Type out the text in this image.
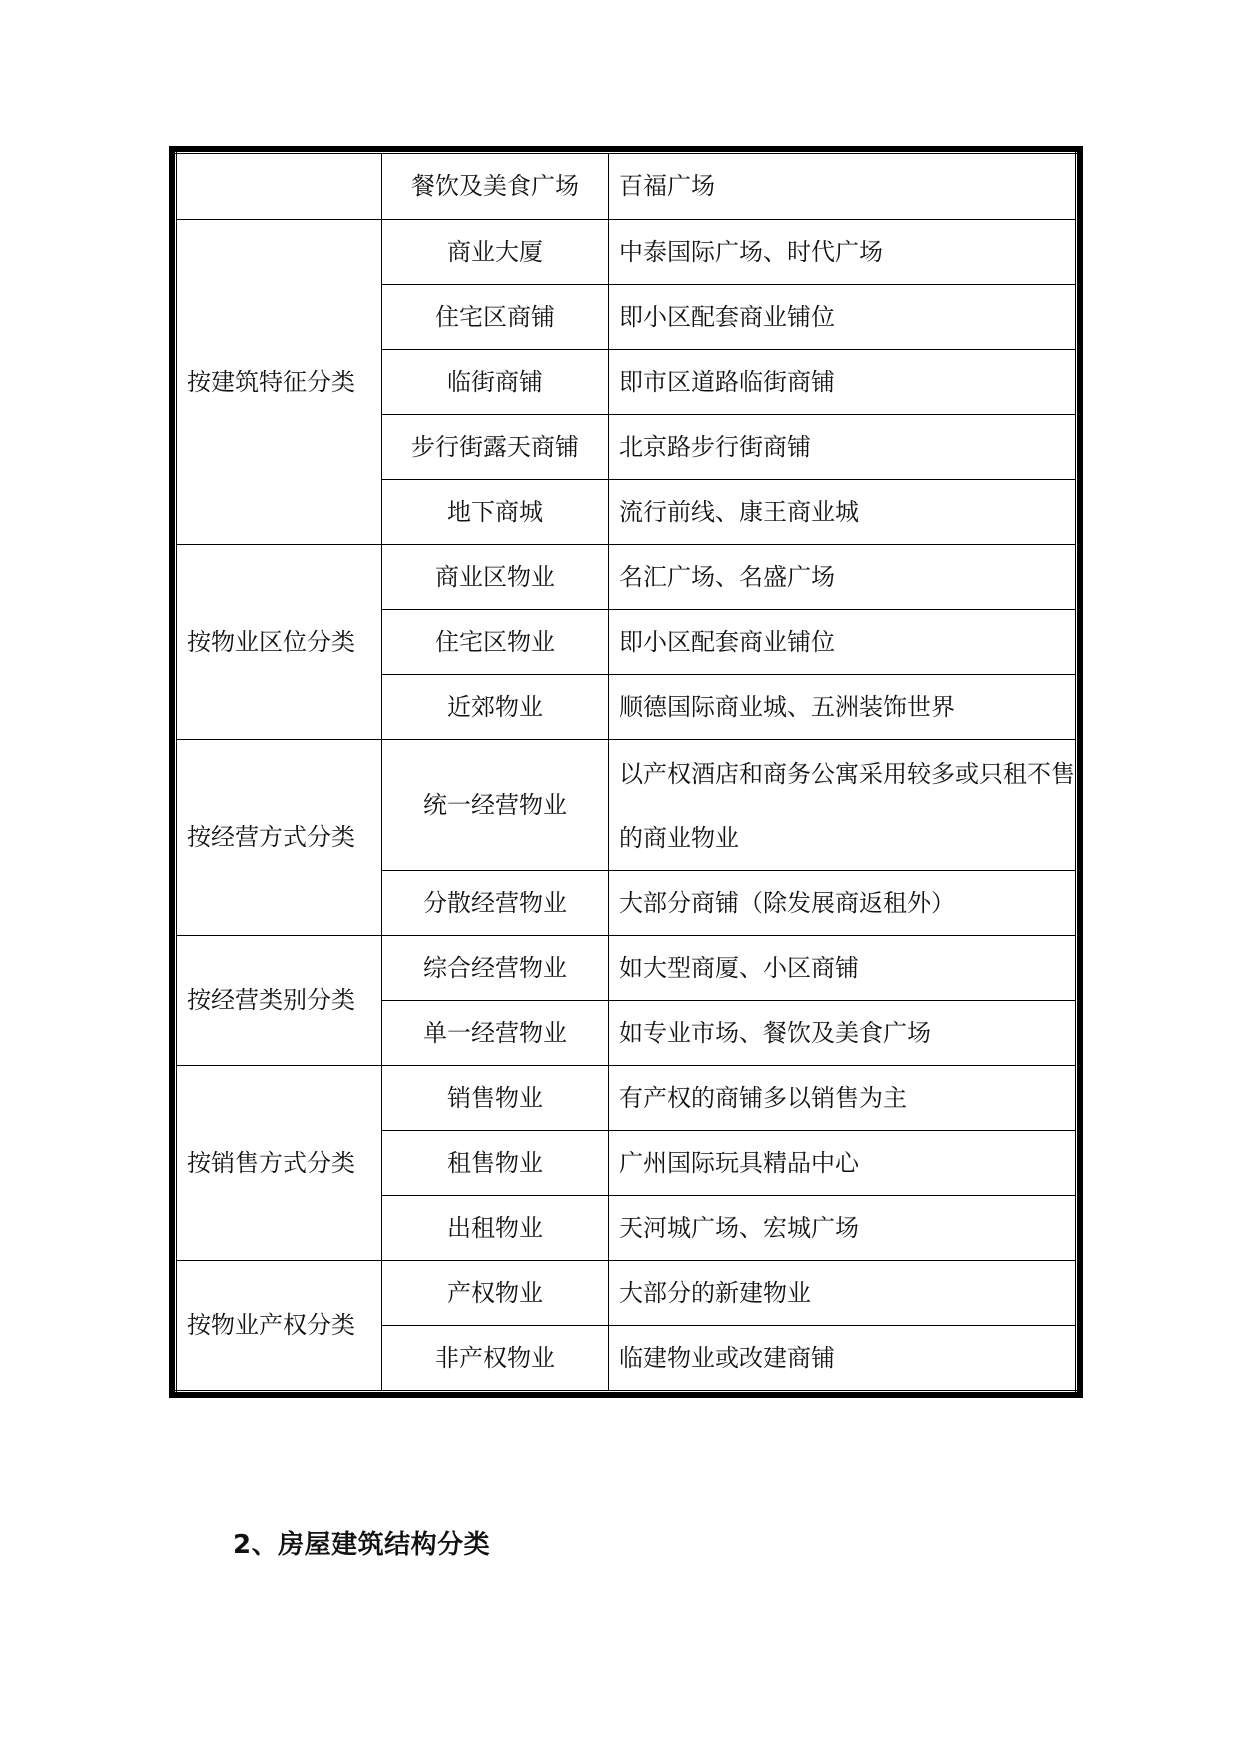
	餐饮及美食广场	百福广场
按建筑特征分类	商业大厦	中泰国际广场、时代广场
	住宅区商铺	即小区配套商业铺位
	临街商铺	即市区道路临街商铺
	步行街露天商铺	北京路步行街商铺
	地下商城	流行前线、康王商业城
按物业区位分类	商业区物业	名汇广场、名盛广场
	住宅区物业	即小区配套商业铺位
	近郊物业	顺德国际商业城、五洲装饰世界
按经营方式分类	统一经营物业	以产权酒店和商务公寓采用较多或只租不售的商业物业
	分散经营物业	大部分商铺（除发展商返租外）
按经营类别分类	综合经营物业	如大型商厦、小区商铺
	单一经营物业	如专业市场、餐饮及美食广场
按销售方式分类	销售物业	有产权的商铺多以销售为主
	租售物业	广州国际玩具精品中心
	出租物业	天河城广场、宏城广场
按物业产权分类	产权物业	大部分的新建物业
	非产权物业	临建物业或改建商铺
2、房屋建筑结构分类
